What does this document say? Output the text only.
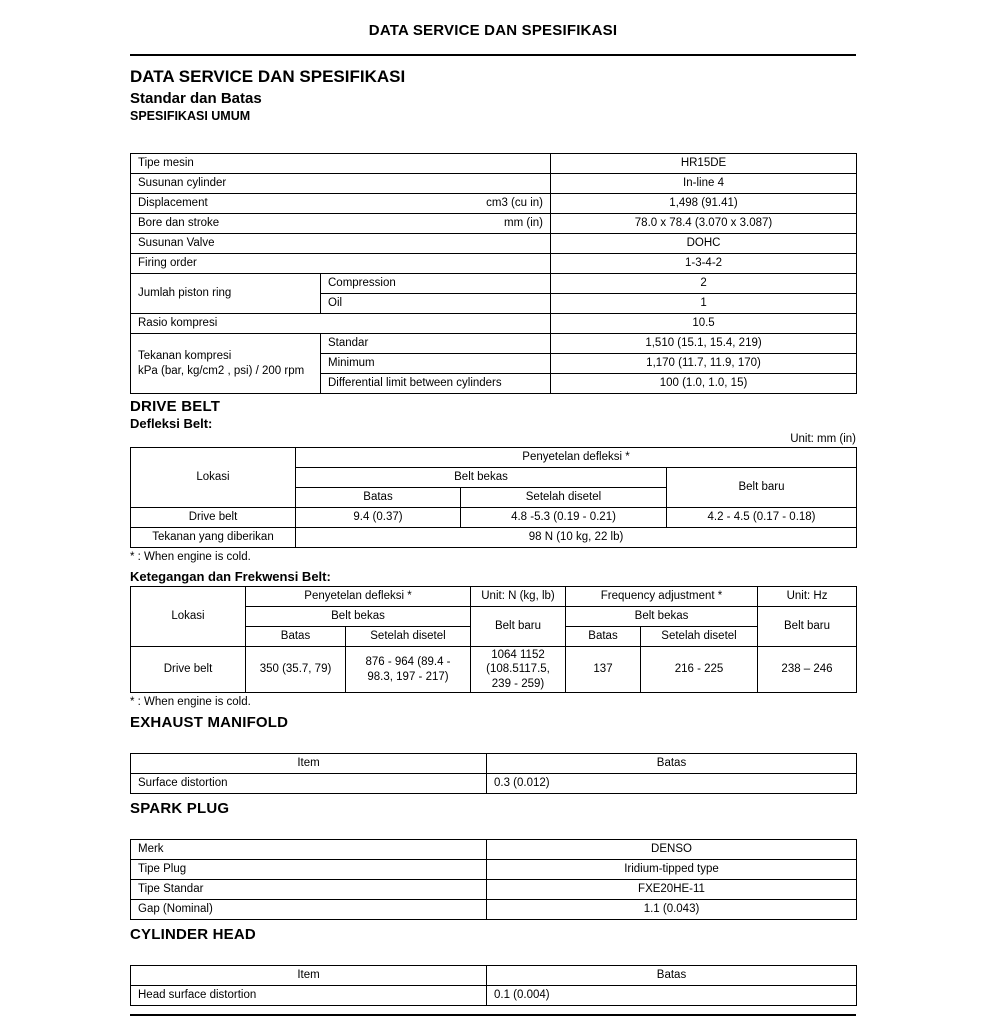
DATA SERVICE DAN SPESIFIKASI
DATA SERVICE DAN SPESIFIKASI
Standar dan Batas
SPESIFIKASI UMUM
Tipe mesin		HR15DE
Susunan cylinder		In-line 4

Displacement cm3 (cu in)		1,498 (91.41)

Bore dan stroke mm (in)		78.0 x 78.4 (3.070 x 3.087)
Susunan Valve		DOHC
Firing order		1-3-4-2
Jumlah piston ring	Compression	2
	Oil	1
Rasio kompresi		10.5

Tekanan kompresi
kPa (bar, kg/cm2 , psi) / 200 rpm	Standar	1,510 (15.1, 15.4, 219)
	Minimum	1,170 (11.7, 11.9, 170)
	Differential limit between cylinders	100 (1.0, 1.0, 15)
DRIVE BELT
Defleksi Belt:
Unit: mm (in)
Lokasi	Penyetelan defleksi *		
	Belt bekas		Belt baru
	Batas	Setelah disetel	
Drive belt	9.4 (0.37)	4.8 -5.3 (0.19 - 0.21)	4.2 - 4.5 (0.17 - 0.18)
Tekanan yang diberikan	98 N (10 kg, 22 lb)		
* : When engine is cold.
Ketegangan dan Frekwensi Belt:
Lokasi	Penyetelan defleksi *		Unit: N (kg, lb)	Frequency adjustment *		Unit: Hz
	Belt bekas		Belt baru	Belt bekas		Belt baru
	Batas	Setelah disetel		Batas	Setelah disetel	
Drive belt	350 (35.7, 79)	876 - 964 (89.4 - 98.3, 197 - 217)	1064 1152 (108.5117.5, 239 - 259)	137	216 - 225	238 – 246
* : When engine is cold.
EXHAUST MANIFOLD
Item	Batas
Surface distortion	0.3 (0.012)
SPARK PLUG
Merk	DENSO
Tipe Plug	Iridium-tipped type
Tipe Standar	FXE20HE-11
Gap (Nominal)	1.1 (0.043)
CYLINDER HEAD
Item	Batas
Head surface distortion	0.1 (0.004)
